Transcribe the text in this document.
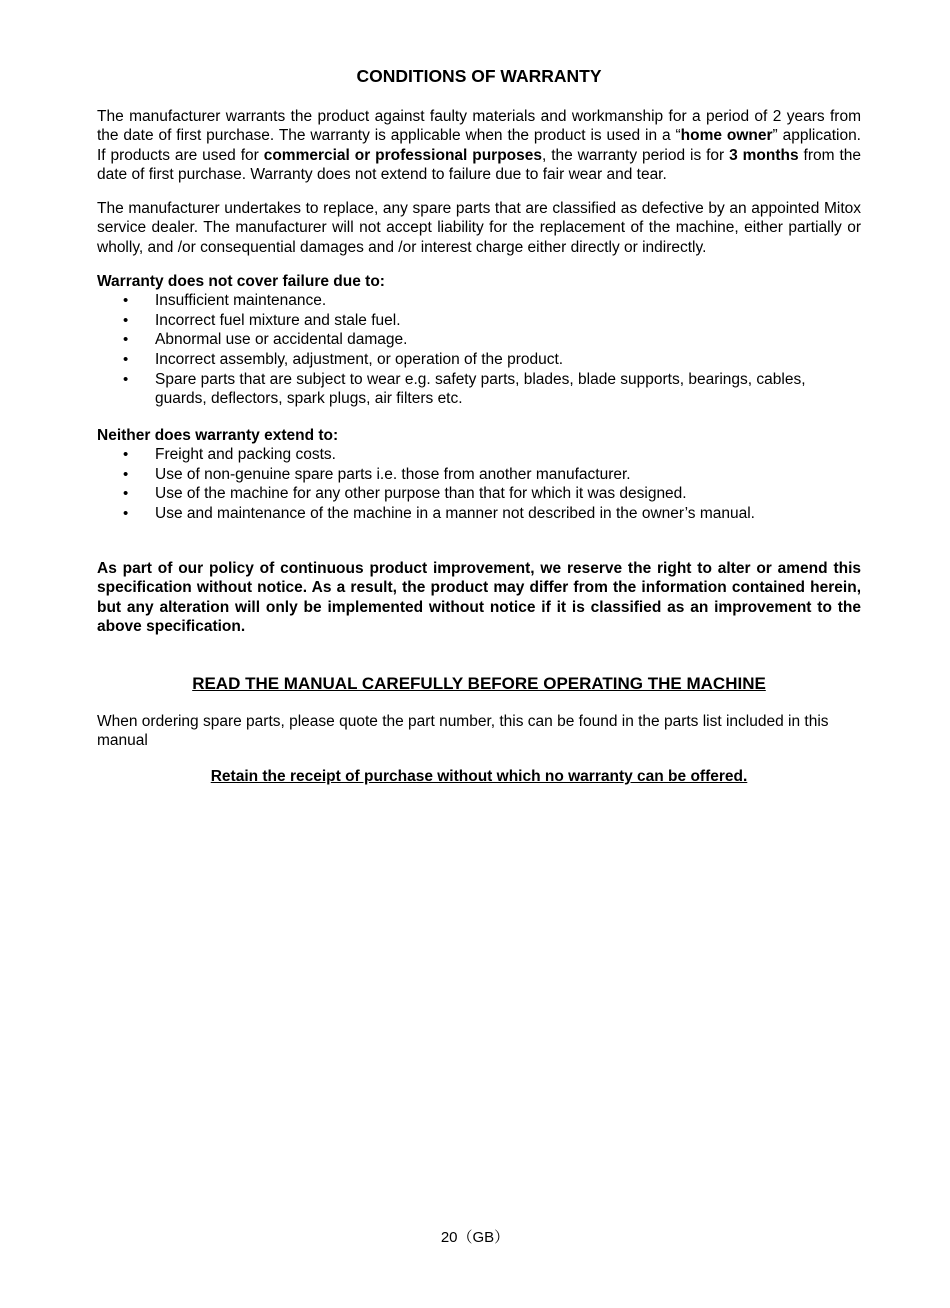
CONDITIONS OF WARRANTY

The manufacturer warrants the product against faulty materials and workmanship for a period of 2 years from the date of first purchase. The warranty is applicable when the product is used in a “home owner” application. If products are used for commercial or professional purposes, the warranty period is for 3 months from the date of first purchase. Warranty does not extend to failure due to fair wear and tear.

The manufacturer undertakes to replace, any spare parts that are classified as defective by an appointed Mitox service dealer. The manufacturer will not accept liability for the replacement of the machine, either partially or wholly, and /or consequential damages and /or interest charge either directly or indirectly.

Warranty does not cover failure due to:
• Insufficient maintenance.
• Incorrect fuel mixture and stale fuel.
• Abnormal use or accidental damage.
• Incorrect assembly, adjustment, or operation of the product.
• Spare parts that are subject to wear e.g. safety parts, blades, blade supports, bearings, cables, guards, deflectors, spark plugs, air filters etc.
Neither does warranty extend to:
• Freight and packing costs.
• Use of non-genuine spare parts i.e. those from another manufacturer.
• Use of the machine for any other purpose than that for which it was designed.
• Use and maintenance of the machine in a manner not described in the owner’s manual.

As part of our policy of continuous product improvement, we reserve the right to alter or amend this specification without notice. As a result, the product may differ from the information contained herein, but any alteration will only be implemented without notice if it is classified as an improvement to the above specification.

READ THE MANUAL CAREFULLY BEFORE OPERATING THE MACHINE

When ordering spare parts, please quote the part number, this can be found in the parts list included in this manual

Retain the receipt of purchase without which no warranty can be offered.
20（GB）
